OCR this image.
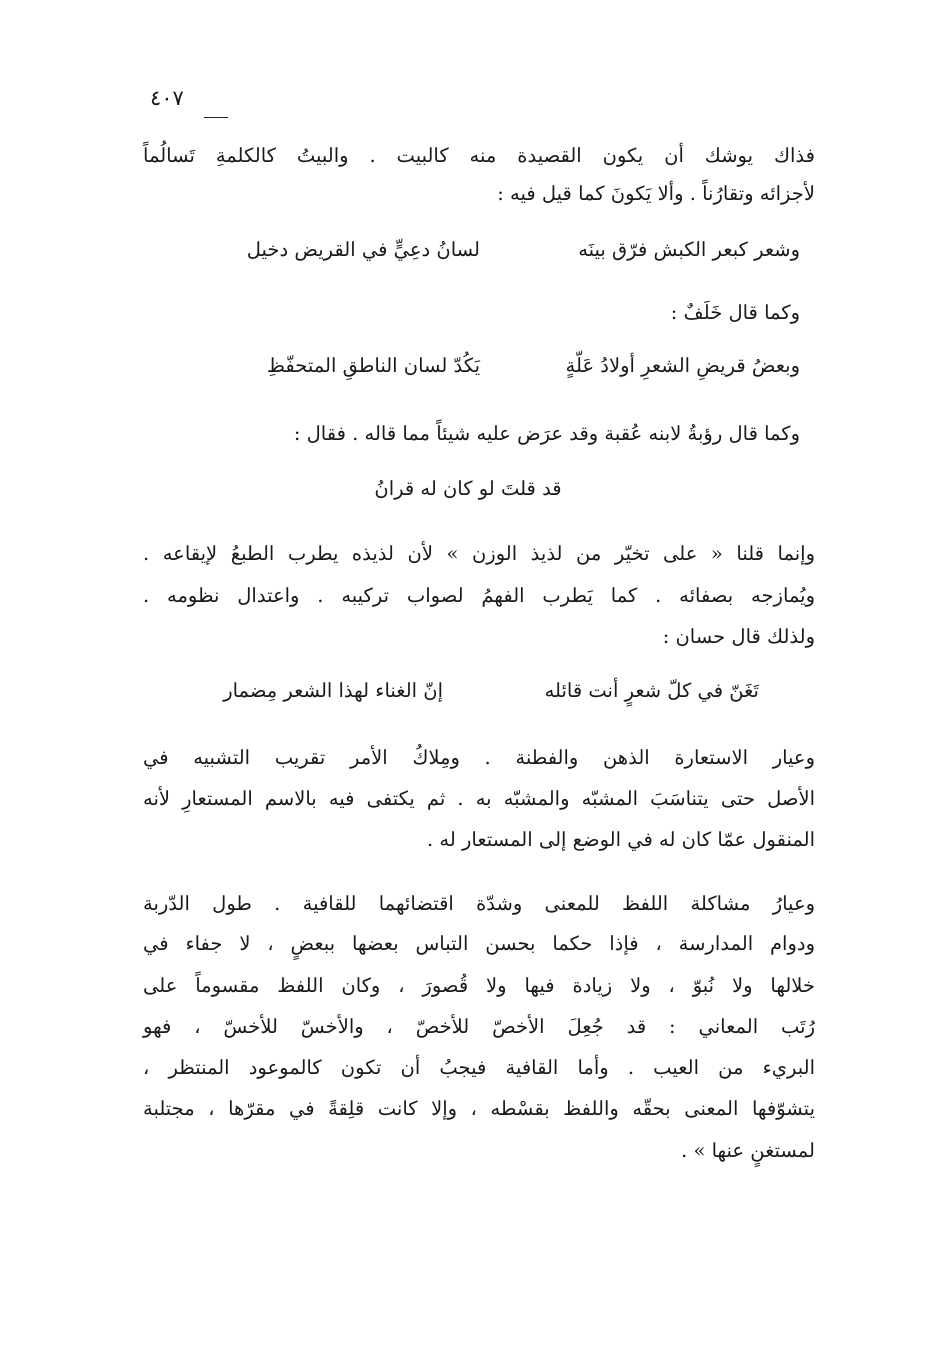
٤٠٧
فذاك يوشك أن يكون القصيدة منه كالبيت . والبيتُ كالكلمةِ تَسالُماً
لأجزائه وتقارُناً . وألا يَكونَ كما قيل فيه :
وشعر كبعر الكبش فرّق بينَه
لسانُ دعِيٍّ في القريض دخيل
وكما قال خَلَفٌ :
وبعضُ قريضِ الشعرِ أولادُ عَلّةٍ
يَكُدّ لسان الناطقِ المتحفّظِ
وكما قال رؤبةُ لابنه عُقبة وقد عرَض عليه شيئاً مما قاله . فقال :
قد قلتَ لو كان له قرانُ
وإنما قلنا « على تخيّر من لذيذ الوزن » لأن لذيذه يطرب الطبعُ لإيقاعه .
ويُمازجه بصفائه . كما يَطرب الفهمُ لصواب تركيبه . واعتدال نظومه .
ولذلك قال حسان :
تَغَنّ في كلّ شعرٍ أنت قائله
إنّ الغناء لهذا الشعر مِضمار
وعيار الاستعارة الذهن والفطنة . ومِلاكُ الأمر تقريب التشبيه في
الأصل حتى يتناسَبَ المشبّه والمشبّه به . ثم يكتفى فيه بالاسم المستعارِ لأنه
المنقول عمّا كان له في الوضع إلى المستعار له .
وعيارُ مشاكلة اللفظ للمعنى وشدّة اقتضائهما للقافية . طول الدّربة
ودوام المدارسة ، فإذا حكما بحسن التباس بعضها ببعضٍ ، لا جفاء في
خلالها ولا نُبوّ ، ولا زيادة فيها ولا قُصورَ ، وكان اللفظ مقسوماً على
رُتَب المعاني : قد جُعِلَ الأخصّ للأخصّ ، والأخسّ للأخسّ ، فهو
البريء من العيب . وأما القافية فيجبُ أن تكون كالموعود المنتظر ،
يتشوّفها المعنى بحقّه واللفظ بقسْطه ، وإلا كانت قلِقةً في مقرّها ، مجتلبة
لمستغنٍ عنها » .
